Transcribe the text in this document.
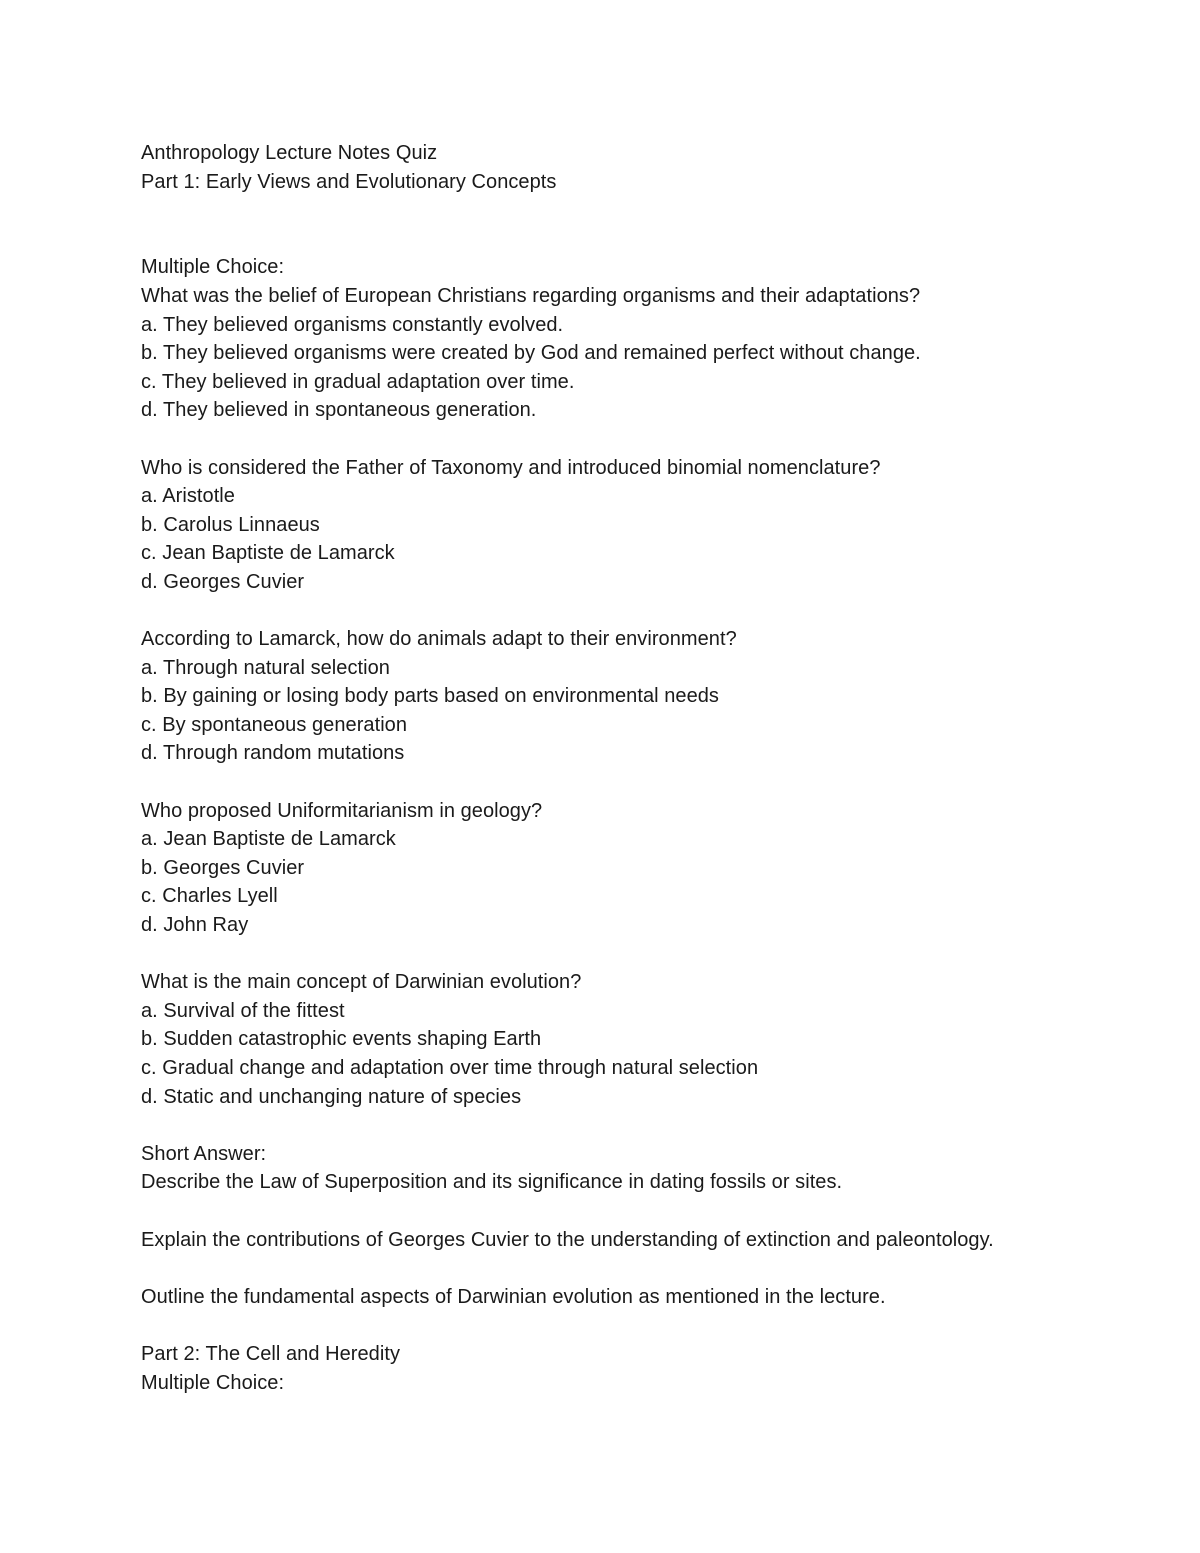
Anthropology Lecture Notes Quiz
Part 1: Early Views and Evolutionary Concepts
Multiple Choice:
What was the belief of European Christians regarding organisms and their adaptations?
a. They believed organisms constantly evolved.
b. They believed organisms were created by God and remained perfect without change.
c. They believed in gradual adaptation over time.
d. They believed in spontaneous generation.
Who is considered the Father of Taxonomy and introduced binomial nomenclature?
a. Aristotle
b. Carolus Linnaeus
c. Jean Baptiste de Lamarck
d. Georges Cuvier
According to Lamarck, how do animals adapt to their environment?
a. Through natural selection
b. By gaining or losing body parts based on environmental needs
c. By spontaneous generation
d. Through random mutations
Who proposed Uniformitarianism in geology?
a. Jean Baptiste de Lamarck
b. Georges Cuvier
c. Charles Lyell
d. John Ray
What is the main concept of Darwinian evolution?
a. Survival of the fittest
b. Sudden catastrophic events shaping Earth
c. Gradual change and adaptation over time through natural selection
d. Static and unchanging nature of species
Short Answer:
Describe the Law of Superposition and its significance in dating fossils or sites.
Explain the contributions of Georges Cuvier to the understanding of extinction and paleontology.
Outline the fundamental aspects of Darwinian evolution as mentioned in the lecture.
Part 2: The Cell and Heredity
Multiple Choice:
